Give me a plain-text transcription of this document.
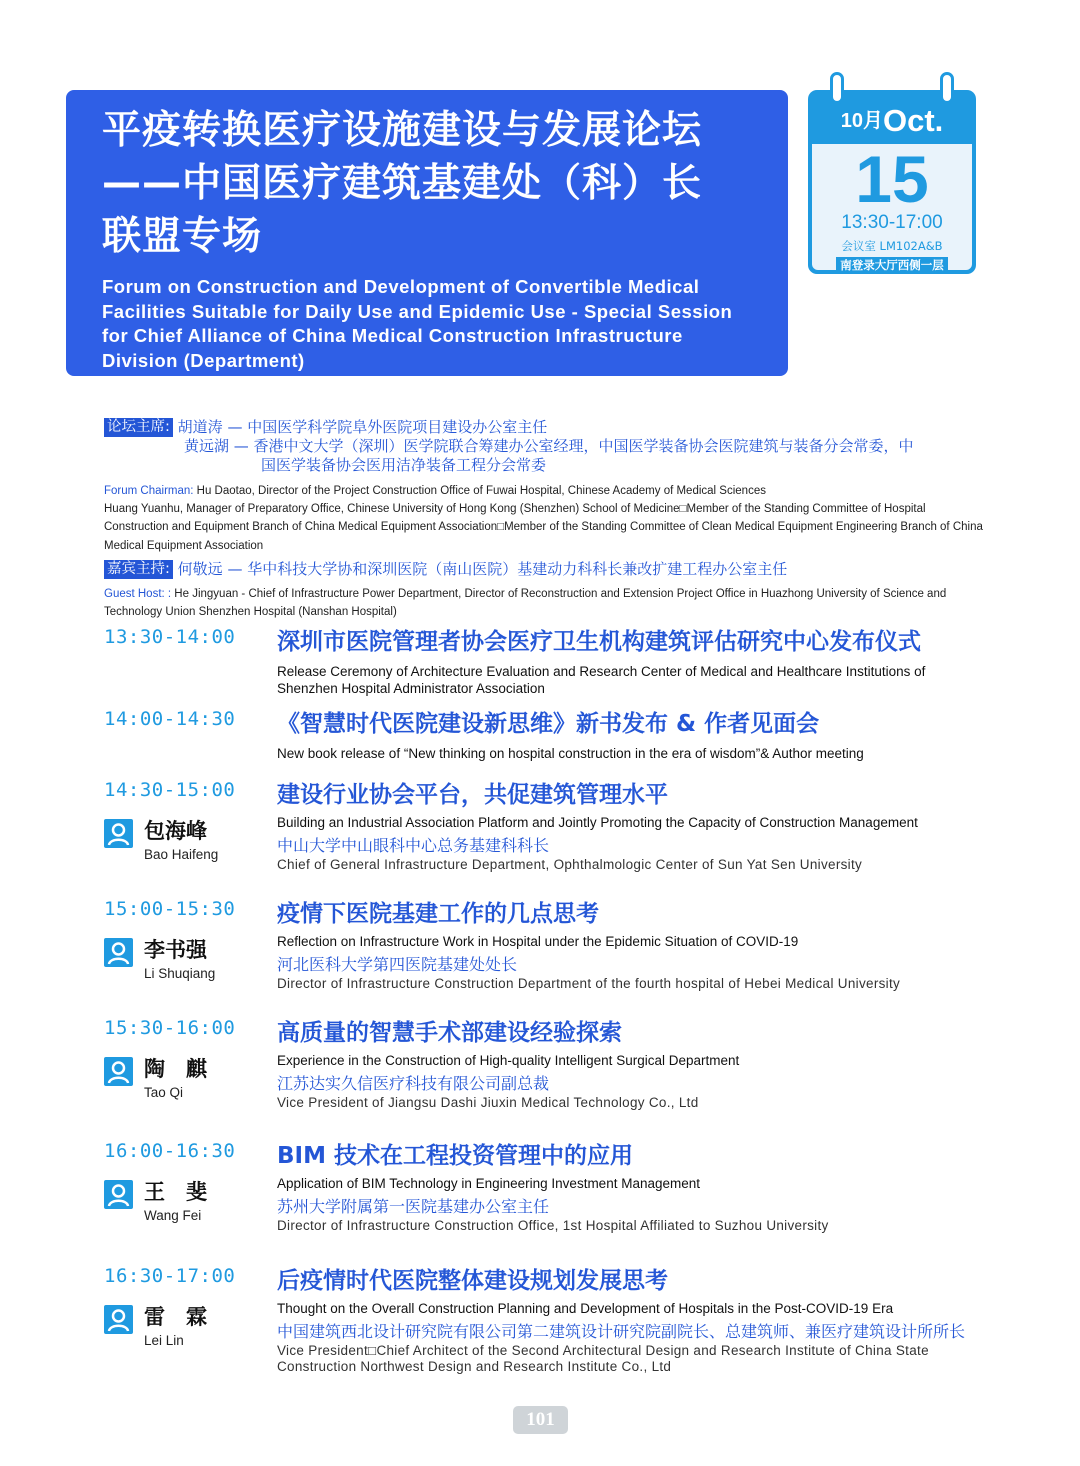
平疫转换医疗设施建设与发展论坛
——中国医疗建筑基建处（科）长
联盟专场
Forum on Construction and Development of Convertible Medical Facilities Suitable for Daily Use and Epidemic Use - Special Session for Chief Alliance of China Medical Construction Infrastructure Division (Department)
10月Oct.
15
13:30-17:00
会议室 LM102A&B
南登录大厅西侧一层
论坛主席:
胡道涛 — 中国医学科学院阜外医院项目建设办公室主任
黄远湖 — 香港中文大学（深圳）医学院联合筹建办公室经理，中国医学装备协会医院建筑与装备分会常委，中
国医学装备协会医用洁净装备工程分会常委
Forum Chairman: Hu Daotao, Director of the Project Construction Office of Fuwai Hospital, Chinese Academy of Medical Sciences
Huang Yuanhu, Manager of Preparatory Office, Chinese University of Hong Kong (Shenzhen) School of Medicine□Member of the Standing Committee of Hospital Construction and Equipment Branch of China Medical Equipment Association□Member of the Standing Committee of Clean Medical Equipment Engineering Branch of China Medical Equipment Association
嘉宾主持:
何敬远 — 华中科技大学协和深圳医院（南山医院）基建动力科科长兼改扩建工程办公室主任
Guest Host: : He Jingyuan - Chief of Infrastructure Power Department, Director of Reconstruction and Extension Project Office in Huazhong University of Science and Technology Union Shenzhen Hospital (Nanshan Hospital)
13:30-14:00 深圳市医院管理者协会医疗卫生机构建筑评估研究中心发布仪式
Release Ceremony of Architecture Evaluation and Research Center of Medical and Healthcare Institutions of Shenzhen Hospital Administrator Association
14:00-14:30 《智慧时代医院建设新思维》新书发布 & 作者见面会
New book release of “New thinking on hospital construction in the era of wisdom”& Author meeting
14:30-15:00
包海峰
Bao Haifeng
建设行业协会平台，共促建筑管理水平
Building an Industrial Association Platform and Jointly Promoting the Capacity of Construction Management
中山大学中山眼科中心总务基建科科长
Chief of General Infrastructure Department, Ophthalmologic Center of Sun Yat Sen University
15:00-15:30
李书强
Li Shuqiang
疫情下医院基建工作的几点思考
Reflection on Infrastructure Work in Hospital under the Epidemic Situation of COVID-19
河北医科大学第四医院基建处处长
Director of Infrastructure Construction Department of the fourth hospital of Hebei Medical University
15:30-16:00
陶　麒
Tao Qi
高质量的智慧手术部建设经验探索
Experience in the Construction of High-quality Intelligent Surgical Department
江苏达实久信医疗科技有限公司副总裁
Vice President of Jiangsu Dashi Jiuxin Medical Technology Co., Ltd
16:00-16:30
王　斐
Wang Fei
BIM 技术在工程投资管理中的应用
Application of BIM Technology in Engineering Investment Management
苏州大学附属第一医院基建办公室主任
Director of Infrastructure Construction Office, 1st Hospital Affiliated to Suzhou University
16:30-17:00
雷　霖
Lei Lin
后疫情时代医院整体建设规划发展思考
Thought on the Overall Construction Planning and Development of Hospitals in the Post-COVID-19 Era
中国建筑西北设计研究院有限公司第二建筑设计研究院副院长、总建筑师、兼医疗建筑设计所所长
Vice President□Chief Architect of the Second Architectural Design and Research Institute of China State Construction Northwest Design and Research Institute Co., Ltd
101
